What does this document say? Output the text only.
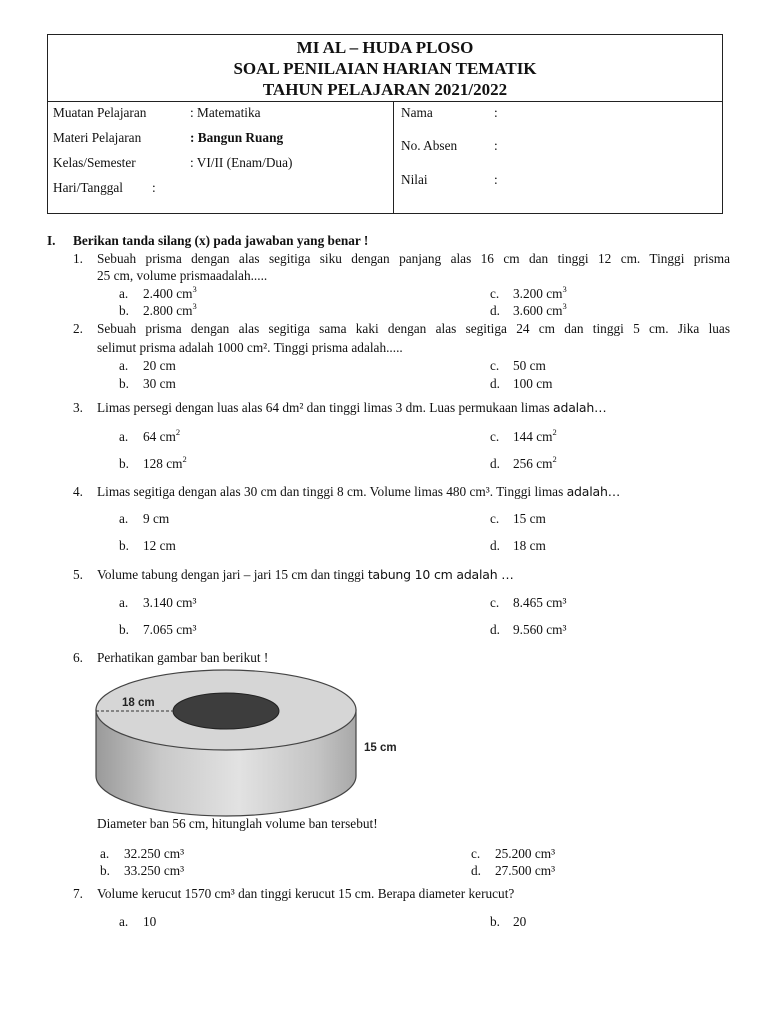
MI AL – HUDA PLOSO
SOAL PENILAIAN HARIAN TEMATIK
TAHUN PELAJARAN 2021/2022
Muatan Pelajaran	: Matematika
Materi Pelajaran	: Bangun Ruang
Kelas/Semester	: VI/II (Enam/Dua)
Hari/Tanggal :
Nama	:
No. Absen	:
Nilai	:
I. Berikan tanda silang (x) pada jawaban yang benar !
1. Sebuah prisma dengan alas segitiga siku dengan panjang alas 16 cm dan tinggi 12 cm. Tinggi prisma
25 cm, volume prismaadalah.....
a. 2.400 $cm^3$
b. 2.800 $cm^3$
c. 3.200 $cm^3$
d. 3.600 $cm^3$
2. Sebuah prisma dengan alas segitiga sama kaki dengan alas segitiga 24 cm dan tinggi 5 cm. Jika luas
selimut prisma adalah 1000 cm². Tinggi prisma adalah.....
a. 20 cm
b. 30 cm
c. 50 cm
d. 100 cm
3. Limas persegi dengan luas alas 64 dm² dan tinggi limas 3 dm. Luas permukaan limas adalah…
a. 64 $cm^2$
b. 128 $cm^2$
c. 144 $cm^2$
d. 256 $cm^2$
4. Limas segitiga dengan alas 30 cm dan tinggi 8 cm. Volume limas 480 cm³. Tinggi limas adalah…
a. 9 cm
b. 12 cm
c. 15 cm
d. 18 cm
5. Volume tabung dengan jari – jari 15 cm dan tinggi tabung 10 cm adalah …
a. 3.140 cm³
b. 7.065 cm³
c. 8.465 cm³
d. 9.560 cm³
6. Perhatikan gambar ban berikut !
18 cm
15 cm
Diameter ban 56 cm, hitunglah volume ban tersebut!
a. 32.250 cm³
b. 33.250 cm³
c. 25.200 cm³
d. 27.500 cm³
7. Volume kerucut 1570 cm³ dan tinggi kerucut 15 cm. Berapa diameter kerucut?
a. 10	b. 20
